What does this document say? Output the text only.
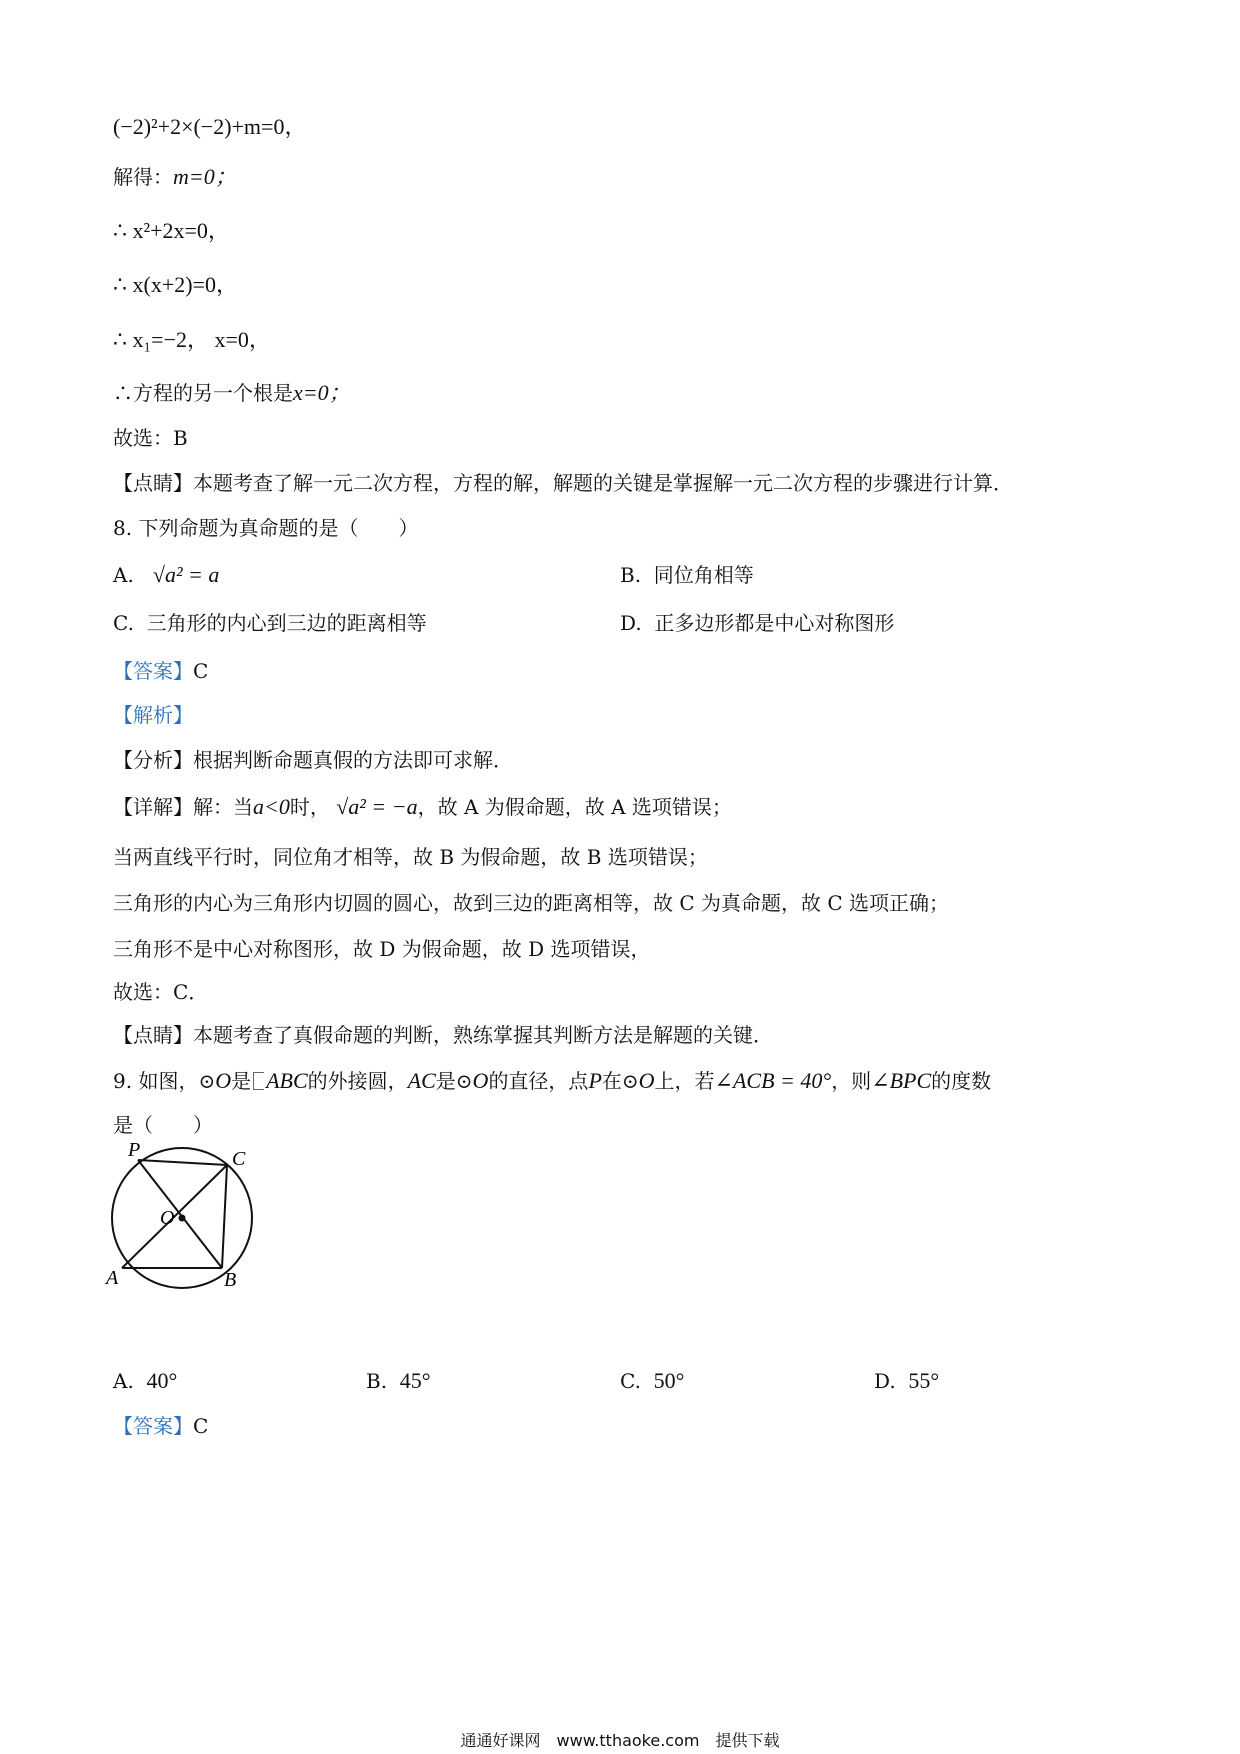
(−2)²+2×(−2)+m=0，
解得：m=0；
∴ x²+2x=0，
∴ x(x+2)=0，
∴ x₁=−2， x=0，
∴方程的另一个根是x=0；
故选：B
【点睛】本题考查了解一元二次方程，方程的解，解题的关键是掌握解一元二次方程的步骤进行计算．
8. 下列命题为真命题的是（　　）
A. √a² = a	B. 同位角相等
C. 三角形的内心到三边的距离相等	D. 正多边形都是中心对称图形
【答案】C
【解析】
【分析】根据判断命题真假的方法即可求解．
【详解】解：当a<0时， √a² = −a，故 A 为假命题，故 A 选项错误；
当两直线平行时，同位角才相等，故 B 为假命题，故 B 选项错误；
三角形的内心为三角形内切圆的圆心，故到三边的距离相等，故 C 为真命题，故 C 选项正确；
三角形不是中心对称图形，故 D 为假命题，故 D 选项错误，
故选：C．
【点睛】本题考查了真假命题的判断，熟练掌握其判断方法是解题的关键．
9. 如图，⊙O是 ABC的外接圆，AC是⊙O的直径，点P在⊙O上，若∠ACB = 40°，则∠BPC的度数
是（　　）
P	C
O
A	B
A. 40°	B. 45°	C. 50°	D. 55°
【答案】C
通通好课网　www.tthaoke.com　提供下载
